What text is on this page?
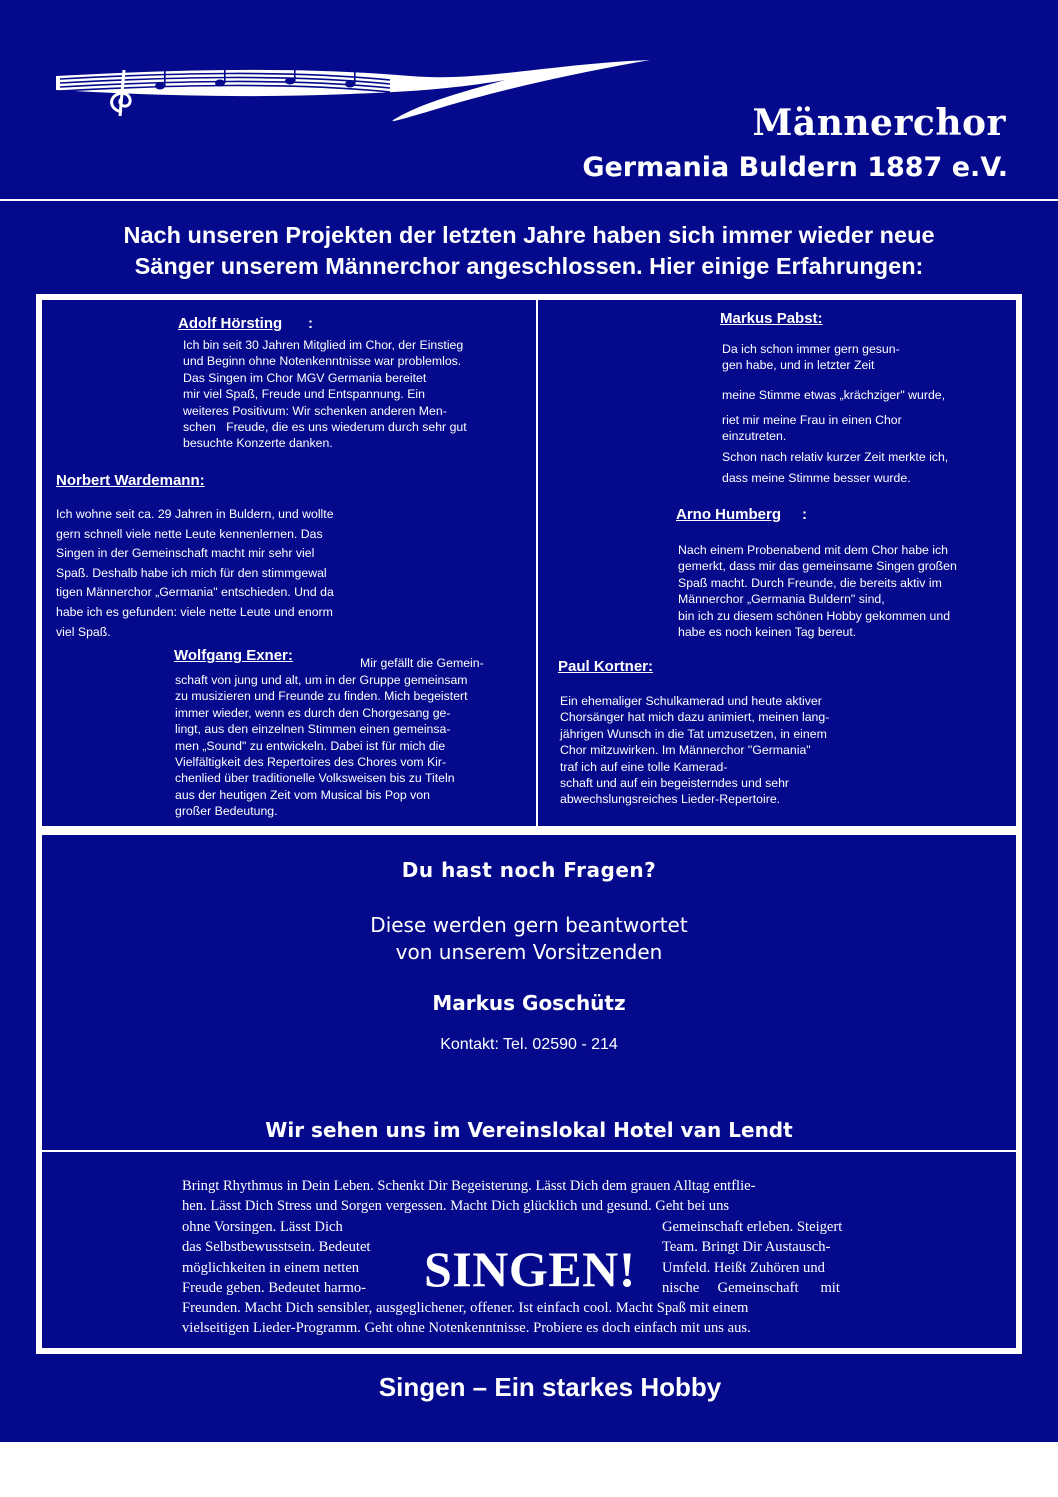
Männerchor
Germania Buldern 1887 e.V.
Nach unseren Projekten der letzten Jahre haben sich immer wieder neue
Sänger unserem Männerchor angeschlossen. Hier einige Erfahrungen:
Adolf Hörsting :
Ich bin seit 30 Jahren Mitglied im Chor, der Einstieg
und Beginn ohne Notenkenntnisse war problemlos.
Das Singen im Chor MGV Germania bereitet
mir viel Spaß, Freude und Entspannung. Ein
weiteres Positivum: Wir schenken anderen Men-
schen   Freude, die es uns wiederum durch sehr gut
besuchte Konzerte danken.
Norbert Wardemann:
Ich wohne seit ca. 29 Jahren in Buldern, und wollte
gern schnell viele nette Leute kennenlernen. Das
Singen in der Gemeinschaft macht mir sehr viel
Spaß. Deshalb habe ich mich für den stimmgewal
tigen Männerchor „Germania" entschieden. Und da
habe ich es gefunden: viele nette Leute und enorm
viel Spaß.
Wolfgang Exner:	Mir gefällt die Gemein-
schaft von jung und alt, um in der Gruppe gemeinsam
zu musizieren und Freunde zu finden. Mich begeistert
immer wieder, wenn es durch den Chorgesang ge-
lingt, aus den einzelnen Stimmen einen gemeinsa-
men „Sound" zu entwickeln. Dabei ist für mich die
Vielfältigkeit des Repertoires des Chores vom Kir-
chenlied über traditionelle Volksweisen bis zu Titeln
aus der heutigen Zeit vom Musical bis Pop von
großer Bedeutung.
Markus Pabst:
Da ich schon immer gern gesun-
gen habe, und in letzter Zeit
meine Stimme etwas „krächziger" wurde,
riet mir meine Frau in einen Chor
einzutreten.
Schon nach relativ kurzer Zeit merkte ich,
dass meine Stimme besser wurde.
Arno Humberg :
Nach einem Probenabend mit dem Chor habe ich
gemerkt, dass mir das gemeinsame Singen großen
Spaß macht. Durch Freunde, die bereits aktiv im
Männerchor „Germania Buldern" sind,
bin ich zu diesem schönen Hobby gekommen und
habe es noch keinen Tag bereut.
Paul Kortner:
Ein ehemaliger Schulkamerad und heute aktiver
Chorsänger hat mich dazu animiert, meinen lang-
jährigen Wunsch in die Tat umzusetzen, in einem
Chor mitzuwirken. Im Männerchor "Germania"
traf ich auf eine tolle Kamerad-
schaft und auf ein begeisterndes und sehr
abwechslungsreiches Lieder-Repertoire.
Du hast noch Fragen?
Diese werden gern beantwortet
von unserem Vorsitzenden
Markus Goschütz
Kontakt: Tel. 02590 - 214
Wir sehen uns im Vereinslokal Hotel van Lendt
Bringt Rhythmus in Dein Leben. Schenkt Dir Begeisterung. Lässt Dich dem grauen Alltag entflie-
hen. Lässt Dich Stress und Sorgen vergessen. Macht Dich glücklich und gesund. Geht bei uns
ohne Vorsingen. Lässt Dich
das Selbstbewusstsein. Bedeutet
möglichkeiten in einem netten
Freude geben. Bedeutet harmo- SINGEN!
Gemeinschaft erleben. Steigert
Team. Bringt Dir Austausch-
Umfeld. Heißt Zuhören und
nische     Gemeinschaft      mit
Freunden. Macht Dich sensibler, ausgeglichener, offener. Ist einfach cool. Macht Spaß mit einem
vielseitigen Lieder-Programm. Geht ohne Notenkenntnisse. Probiere es doch einfach mit uns aus.
Singen – Ein starkes Hobby
